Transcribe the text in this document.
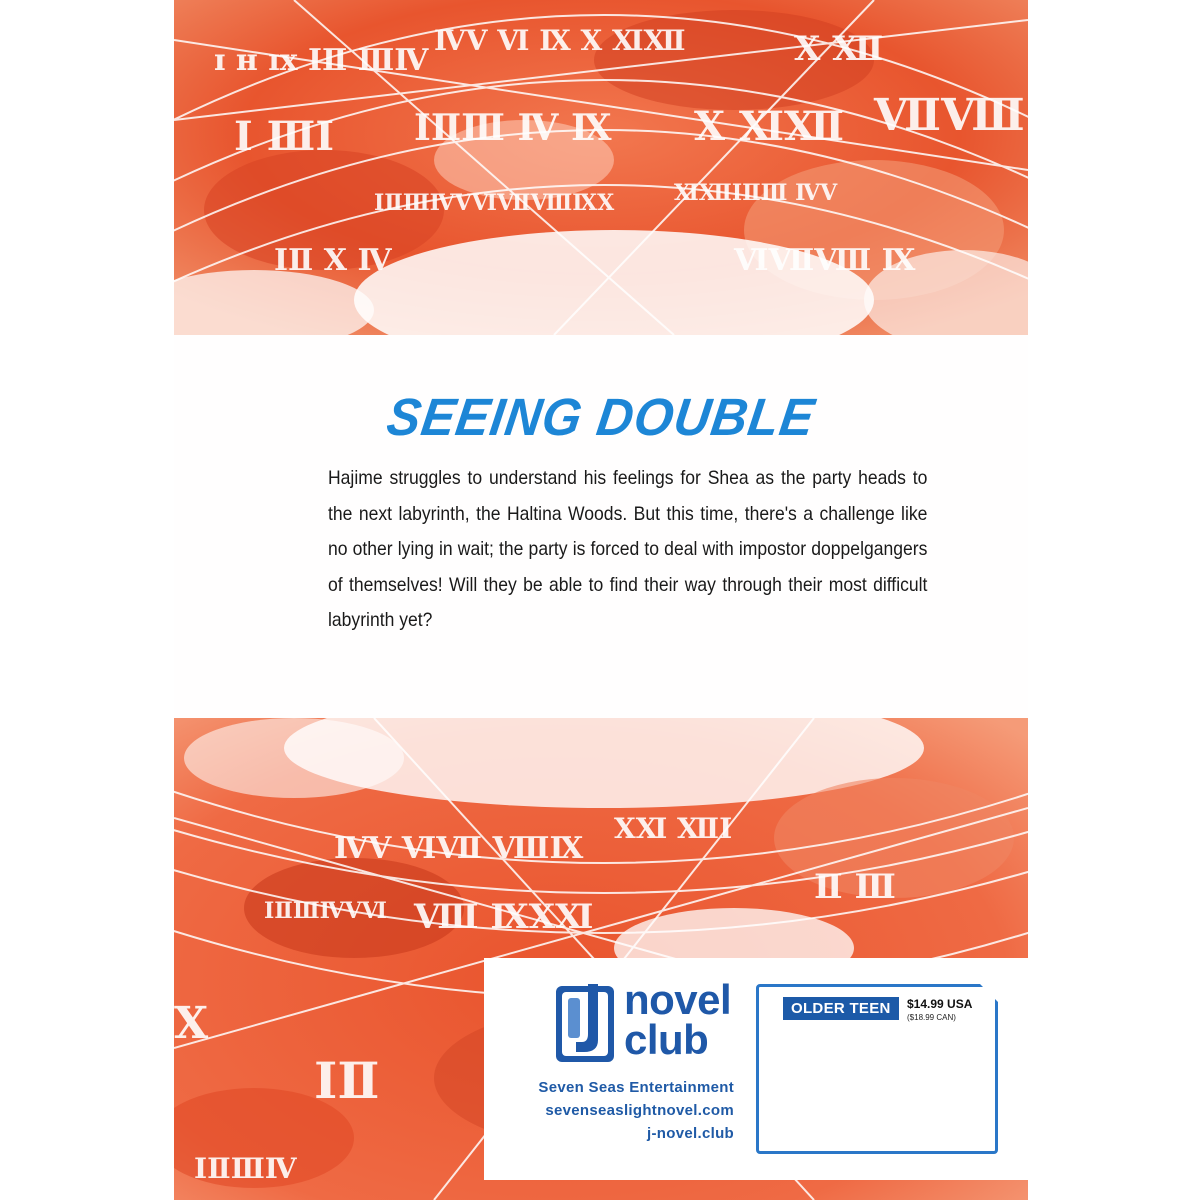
ɪ ʜ ɪx ⅠⅡ ⅢⅣ
ⅣⅤ Ⅵ Ⅸ Ⅹ ⅪⅫ	Ⅹ Ⅻ
Ⅰ ⅢⅠ ⅠⅡⅢ Ⅳ Ⅸ Ⅹ ⅪⅫ ⅦⅧ
ⅠⅡⅢⅣⅤⅥⅦⅧⅨⅩ	ⅪⅫⅠⅡⅢ ⅣⅤ
ⅠⅡ Ⅹ Ⅳ	ⅥⅦⅧ Ⅸ
SEEING DOUBLE
Hajime struggles to understand his feelings for Shea as the party heads to the next labyrinth, the Haltina Woods. But this time, there's a challenge like no other lying in wait; the party is forced to deal with impostor doppelgangers of themselves! Will they be able to find their way through their most difficult labyrinth yet?
ⅣⅤ ⅥⅦ ⅧⅨ
ⅩⅪ ⅫⅠ
ⅠⅡⅢⅣⅤⅥ Ⅷ ⅨⅩⅪ
Ⅱ Ⅲ
Ⅹ
ⅠⅡ
ⅠⅡⅢⅣ
novel
club
Seven Seas Entertainment
sevenseaslightnovel.com
j-novel.club
OLDER TEEN	$14.99 USA
($18.99 CAN)
